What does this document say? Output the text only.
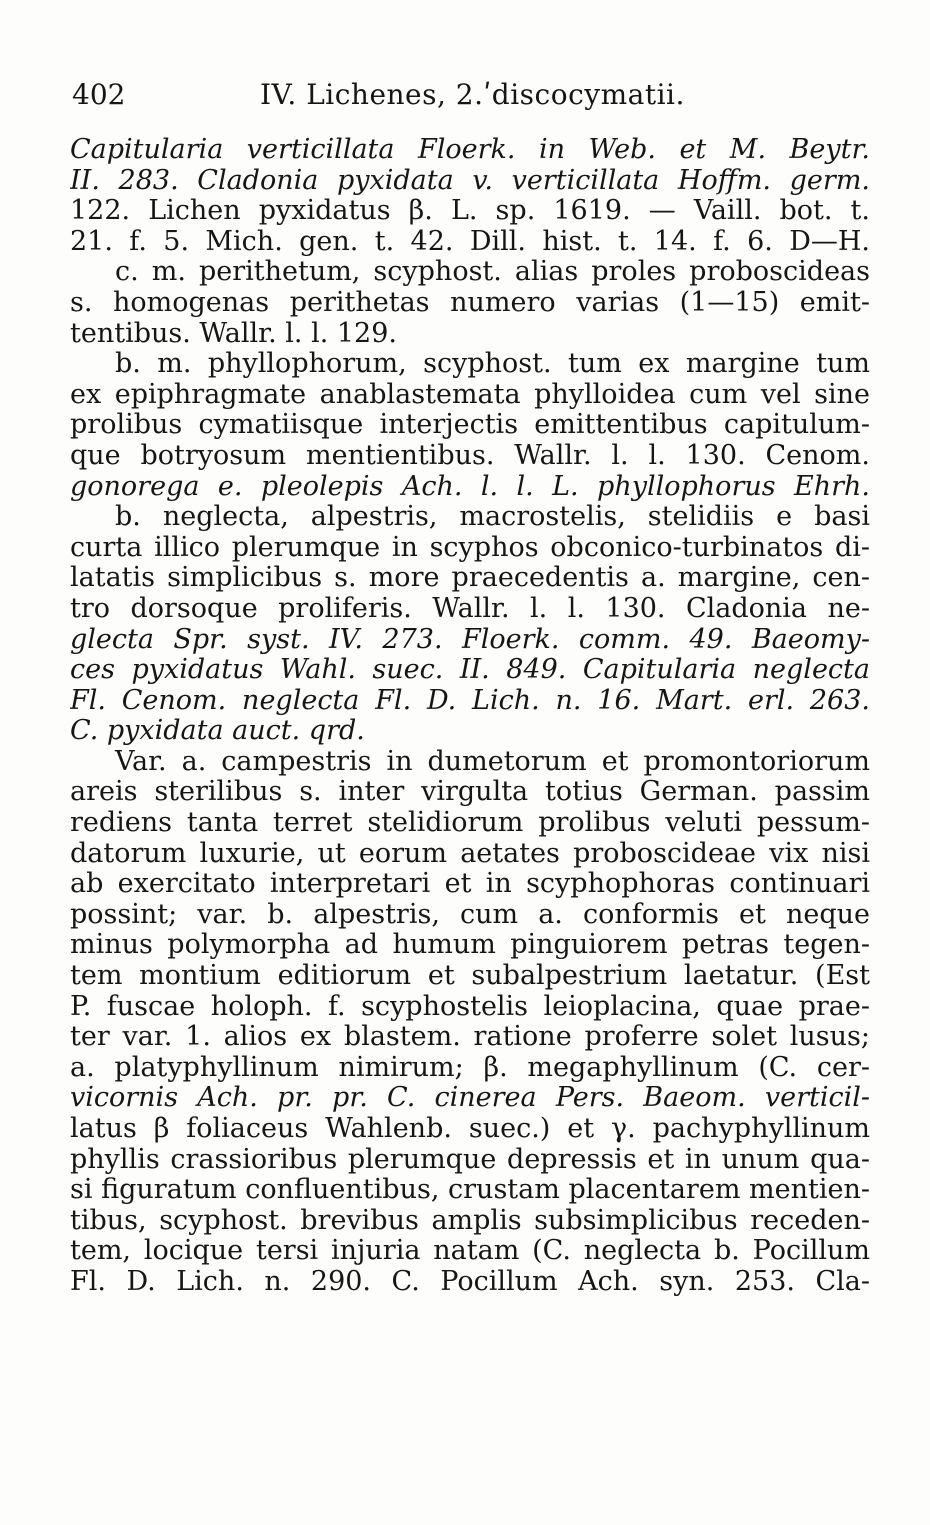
402	IV. Lichenes, 2.ʹdiscocymatii.
Capitularia verticillata Floerk. in Web. et M. Beytr.
II. 283. Cladonia pyxidata v. verticillata Hoffm. germ.
122. Lichen pyxidatus β. L. sp. 1619. — Vaill. bot. t.
21. f. 5. Mich. gen. t. 42. Dill. hist. t. 14. f. 6. D—H.
c. m. perithetum, scyphost. alias proles proboscideas
s. homogenas perithetas numero varias (1—15) emit-
tentibus. Wallr. l. l. 129.
b. m. phyllophorum, scyphost. tum ex margine tum
ex epiphragmate anablastemata phylloidea cum vel sine
prolibus cymatiisque interjectis emittentibus capitulum-
que botryosum mentientibus. Wallr. l. l. 130. Cenom.
gonorega e. pleolepis Ach. l. l. L. phyllophorus Ehrh.
b. neglecta, alpestris, macrostelis, stelidiis e basi
curta illico plerumque in scyphos obconico-turbinatos di-
latatis simplicibus s. more praecedentis a. margine, cen-
tro dorsoque proliferis. Wallr. l. l. 130. Cladonia ne-
glecta Spr. syst. IV. 273. Floerk. comm. 49. Baeomy-
ces pyxidatus Wahl. suec. II. 849. Capitularia neglecta
Fl. Cenom. neglecta Fl. D. Lich. n. 16. Mart. erl. 263.
C. pyxidata auct. qrd.
Var. a. campestris in dumetorum et promontoriorum
areis sterilibus s. inter virgulta totius German. passim
rediens tanta terret stelidiorum prolibus veluti pessum-
datorum luxurie, ut eorum aetates proboscideae vix nisi
ab exercitato interpretari et in scyphophoras continuari
possint; var. b. alpestris, cum a. conformis et neque
minus polymorpha ad humum pinguiorem petras tegen-
tem montium editiorum et subalpestrium laetatur. (Est
P. fuscae holoph. f. scyphostelis leioplacina, quae prae-
ter var. 1. alios ex blastem. ratione proferre solet lusus;
a. platyphyllinum nimirum; β. megaphyllinum (C. cer-
vicornis Ach. pr. pr. C. cinerea Pers. Baeom. verticil-
latus β foliaceus Wahlenb. suec.) et γ. pachyphyllinum
phyllis crassioribus plerumque depressis et in unum qua-
si figuratum confluentibus, crustam placentarem mentien-
tibus, scyphost. brevibus amplis subsimplicibus receden-
tem, locique tersi injuria natam (C. neglecta b. Pocillum
Fl. D. Lich. n. 290. C. Pocillum Ach. syn. 253. Cla-
